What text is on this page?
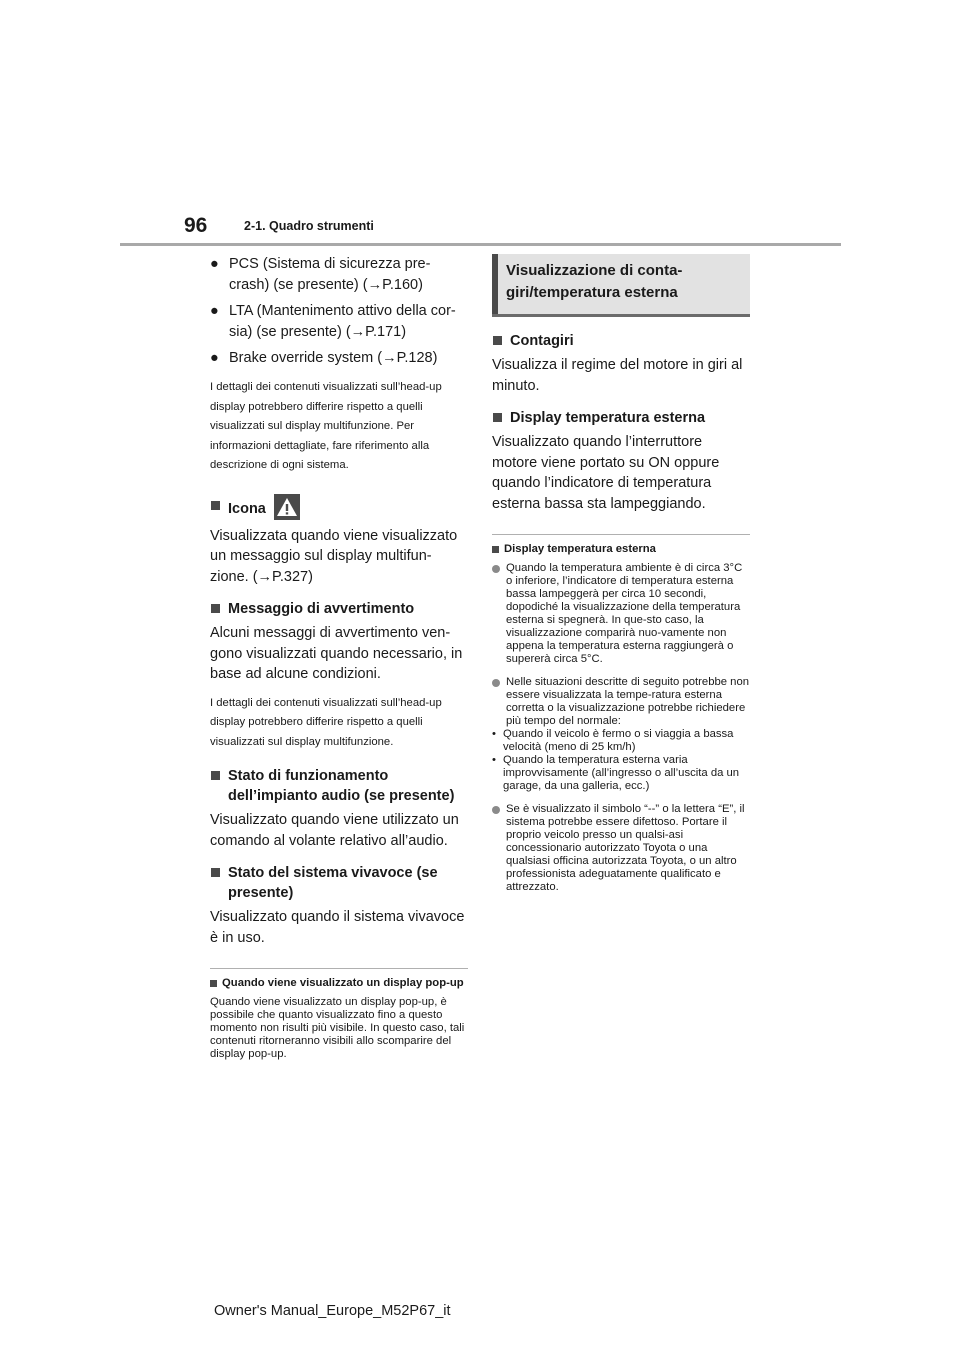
96	2-1. Quadro strumenti
● PCS (Sistema di sicurezza pre-
crash) (se presente) (→P.160)
● LTA (Mantenimento attivo della cor-
sia) (se presente) (→P.171)
● Brake override system (→P.128)
I dettagli dei contenuti visualizzati sull’head-up display potrebbero differire rispetto a quelli visualizzati sul display multifunzione. Per informazioni dettagliate, fare riferimento alla descrizione di ogni sistema.
Icona
Visualizzata quando viene visualizzato un messaggio sul display multifun-zione. (→P.327)
Messaggio di avvertimento
Alcuni messaggi di avvertimento ven-gono visualizzati quando necessario, in base ad alcune condizioni.
I dettagli dei contenuti visualizzati sull’head-up display potrebbero differire rispetto a quelli visualizzati sul display multifunzione.
Stato di funzionamento dell’impianto audio (se presente)
Visualizzato quando viene utilizzato un comando al volante relativo all’audio.
Stato del sistema vivavoce (se presente)
Visualizzato quando il sistema vivavoce è in uso.
Quando viene visualizzato un display pop-up
Quando viene visualizzato un display pop-up, è possibile che quanto visualizzato fino a questo momento non risulti più visibile. In questo caso, tali contenuti ritorneranno visibili allo scomparire del display pop-up.
Visualizzazione di conta-giri/temperatura esterna
Contagiri
Visualizza il regime del motore in giri al minuto.
Display temperatura esterna
Visualizzato quando l’interruttore motore viene portato su ON oppure quando l’indicatore di temperatura esterna bassa sta lampeggiando.
Display temperatura esterna
Quando la temperatura ambiente è di circa 3°C o inferiore, l’indicatore di temperatura esterna bassa lampeggerà per circa 10 secondi, dopodiché la visualizzazione della temperatura esterna si spegnerà. In que-sto caso, la visualizzazione comparirà nuo-vamente non appena la temperatura esterna raggiungerà o supererà circa 5°C.
Nelle situazioni descritte di seguito potrebbe non essere visualizzata la tempe-ratura esterna corretta o la visualizzazione potrebbe richiedere più tempo del normale:
• Quando il veicolo è fermo o si viaggia a bassa velocità (meno di 25 km/h)
• Quando la temperatura esterna varia improvvisamente (all’ingresso o all’uscita da un garage, da una galleria, ecc.)
Se è visualizzato il simbolo “--” o la lettera “E”, il sistema potrebbe essere difettoso. Portare il proprio veicolo presso un qualsi-asi concessionario autorizzato Toyota o una qualsiasi officina autorizzata Toyota, o un altro professionista adeguatamente qualificato e attrezzato.
Owner's Manual_Europe_M52P67_it
